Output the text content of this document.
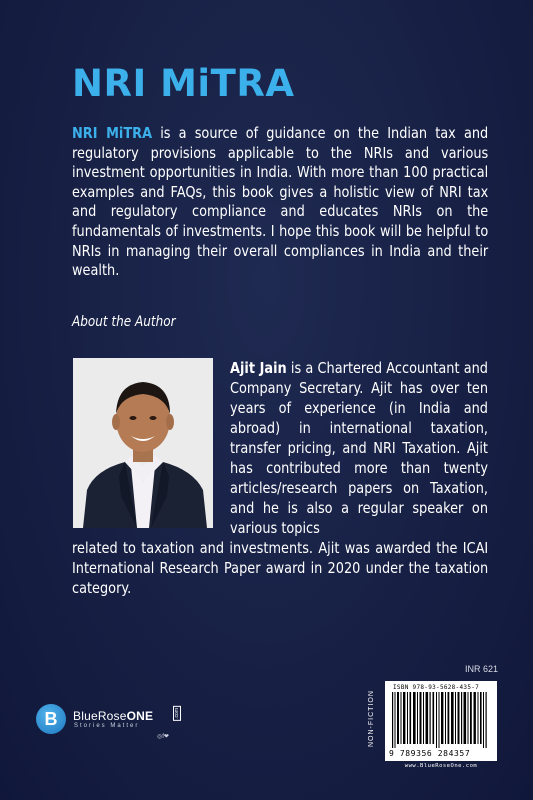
NRI MiTRA

NRI MiTRA is a source of guidance on the Indian tax and regulatory provisions applicable to the NRIs and various investment opportunities in India. With more than 100 practical examples and FAQs, this book gives a holistic view of NRI tax and regulatory compliance and educates NRIs on the fundamentals of investments. I hope this book will be helpful to NRIs in managing their overall compliances in India and their wealth.

About the Author

Ajit Jain is a Chartered Accountant and Company Secretary. Ajit has over ten years of experience (in India and abroad) in international taxation, transfer pricing, and NRI Taxation. Ajit has contributed more than twenty articles/research papers on Taxation, and he is also a regular speaker on various topics

related to taxation and investments. Ajit was awarded the ICAI International Research Paper award in 2020 under the taxation category.

INR 621
B	BlueRoseONE
Stories Matter
.com
◎f❤	NON-FICTION
ISBN 978-93-5628-435-7
9 789356 284357
www.BlueRoseOne.com
